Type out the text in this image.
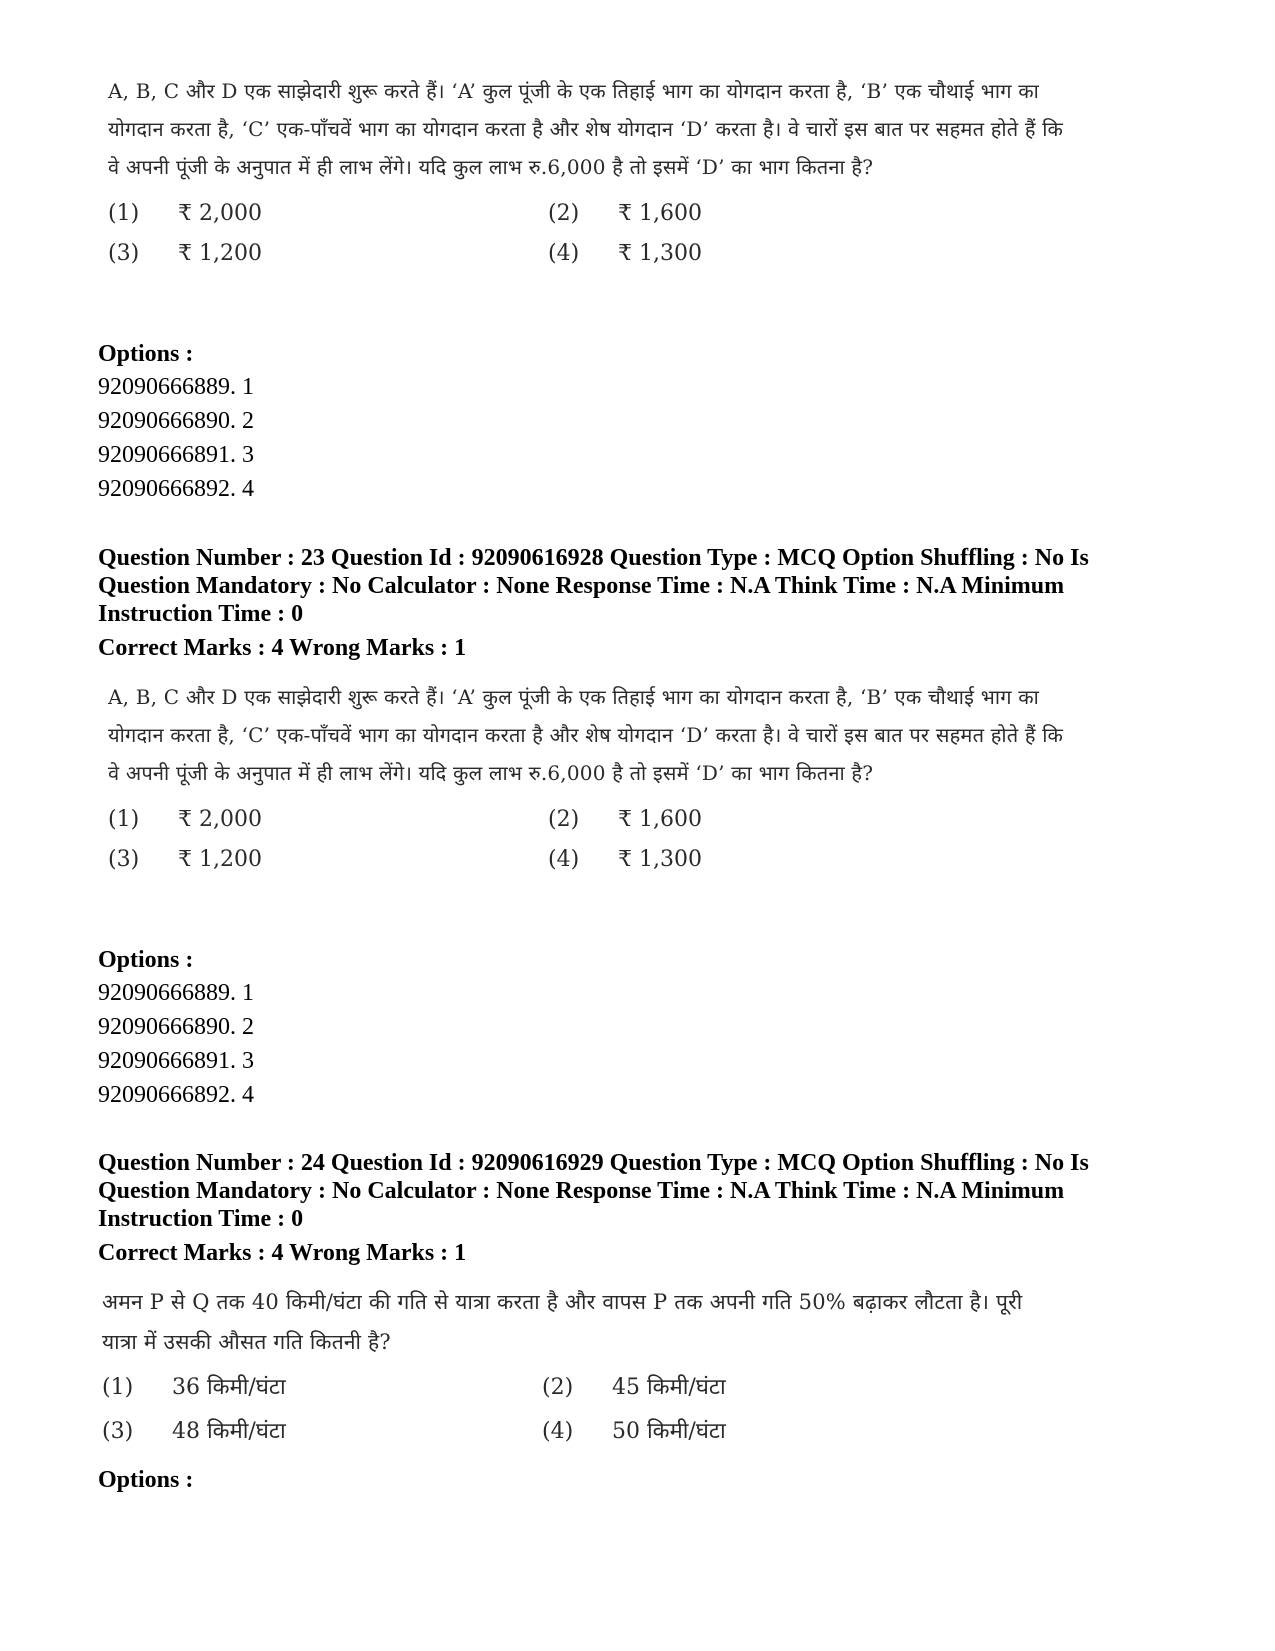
A, B, C और D एक साझेदारी शुरू करते हैं। ‘A’ कुल पूंजी के एक तिहाई भाग का योगदान करता है, ‘B’ एक चौथाई भाग का योगदान करता है, ‘C’ एक-पाँचवें भाग का योगदान करता है और शेष योगदान ‘D’ करता है। वे चारों इस बात पर सहमत होते हैं कि वे अपनी पूंजी के अनुपात में ही लाभ लेंगे। यदि कुल लाभ रु.6,000 है तो इसमें ‘D’ का भाग कितना है?

(1)	₹ 2,000	(2)	₹ 1,600
(3)	₹ 1,200	(4)	₹ 1,300

Options :

92090666889. 1

92090666890. 2

92090666891. 3

92090666892. 4

Question Number : 23 Question Id : 92090616928 Question Type : MCQ Option Shuffling : No Is Question Mandatory : No Calculator : None Response Time : N.A Think Time : N.A Minimum Instruction Time : 0

Correct Marks : 4 Wrong Marks : 1

A, B, C और D एक साझेदारी शुरू करते हैं। ‘A’ कुल पूंजी के एक तिहाई भाग का योगदान करता है, ‘B’ एक चौथाई भाग का योगदान करता है, ‘C’ एक-पाँचवें भाग का योगदान करता है और शेष योगदान ‘D’ करता है। वे चारों इस बात पर सहमत होते हैं कि वे अपनी पूंजी के अनुपात में ही लाभ लेंगे। यदि कुल लाभ रु.6,000 है तो इसमें ‘D’ का भाग कितना है?

(1)	₹ 2,000	(2)	₹ 1,600
(3)	₹ 1,200	(4)	₹ 1,300

Options :

92090666889. 1

92090666890. 2

92090666891. 3

92090666892. 4

Question Number : 24 Question Id : 92090616929 Question Type : MCQ Option Shuffling : No Is Question Mandatory : No Calculator : None Response Time : N.A Think Time : N.A Minimum Instruction Time : 0

Correct Marks : 4 Wrong Marks : 1

अमन P से Q तक 40 किमी/घंटा की गति से यात्रा करता है और वापस P तक अपनी गति 50% बढ़ाकर लौटता है। पूरी यात्रा में उसकी औसत गति कितनी है?

(1)	36 किमी/घंटा	(2)	45 किमी/घंटा
(3)	48 किमी/घंटा	(4)	50 किमी/घंटा

Options :
